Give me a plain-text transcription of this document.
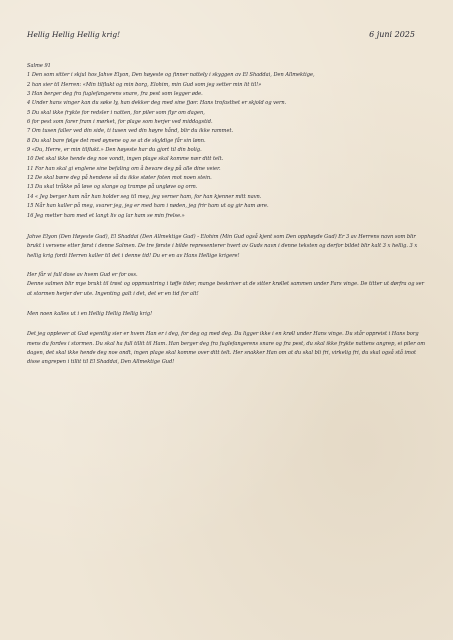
Hellig Hellig Hellig krig!	6 juni 2025
Salme 91
1 Den som sitter i skjul hos Jahve Elyon, Den høyeste og finner natteły i skyggen av El Shaddai, Den Allmektige,
2 han sier til Herren: «Min tilflukt og min borg, Elohim, min Gud som jeg setter min lit til!»
3 Han berger deg fra fuglefangerens snare, fra pest som legger øde.
4 Under hans vinger kan du søke ly, han dekker deg med sine fjær. Hans trofasthet er skjold og vern.
5 Du skal ikke frykte for redsler i natten, for piler som flyr om dagen,
6 for pest som farer fram i mørket, for plage som herjer ved middagstid.
7 Om tusen faller ved din side, ti tusen ved din høyre hånd, blir du ikke rammet.
8 Du skal bare følge det med øynene og se at de skyldige får sin lønn.
9 «Du, Herre, er min tilflukt.» Den høyeste har du gjort til din bolig.
10 Det skal ikke hende deg noe vondt, ingen plage skal komme nær ditt telt.
11 For han skal gi englene sine befaling om å bevare deg på alle dine veier.
12 De skal bære deg på hendene så du ikke støter foten mot noen stein.
13 Du skal tråkke på løve og slange og trampe på ungløve og orm.
14 « Jeg berger ham når han holder seg til meg, jeg verner ham, for han kjenner mitt navn.
15 Når han kaller på meg, svarer jeg, jeg er med ham i nøden, jeg frir ham ut og gir ham ære.
16 Jeg metter ham med et langt liv og lar ham se min frelse.»

Jahve Elyon (Den Høyeste Gud), El Shaddai (Den Allmektige Gud) - Elohim (Min Gud også kjent som Den opphøyde Gud) Er 3 av Herrens navn som blir brukt i versene etter først i denne Salmen. De tre første i bilde representerer hvert av Guds navn i denne teksten og derfor bildet blir kalt 3 x hellig. 3 x hellig krig fordi Herren kaller til det i denne tid! Du er en av Hans Hellige krigere!

Her får vi full dose av hvem Gud er for oss.

Denne salmen blir mye brukt til trøst og oppmuntring i tøffe tider, mange beskriver at de sitter krøllet sammen under Fars vinge. De titter ut dørfra og ser at stormen herjer der ute. Ingenting galt i det, det er en tid for alt!

Men noen kalles ut i en Hellig Hellig Hellig krig!

Det jeg opplever at Gud egentlig sier er hvem Han er i deg, for deg og med deg. Du ligger ikke i en krøll under Hans vinge. Du står oppreist i Hans borg mens du fordes i stormen. Du skal ha full tillit til Ham. Han berger deg fra fuglefangerens snare og fra pest, du skal ikke frykte nattens angrep, ei piler om dagen, det skal ikke hende deg noe ondt, ingen plage skal komme over ditt telt. Her snakker Han om at du skal bli fri, virkelig fri, du skal også stå imot disse angrepen i tillit til El Shaddai, Den Allmektige Gud!
